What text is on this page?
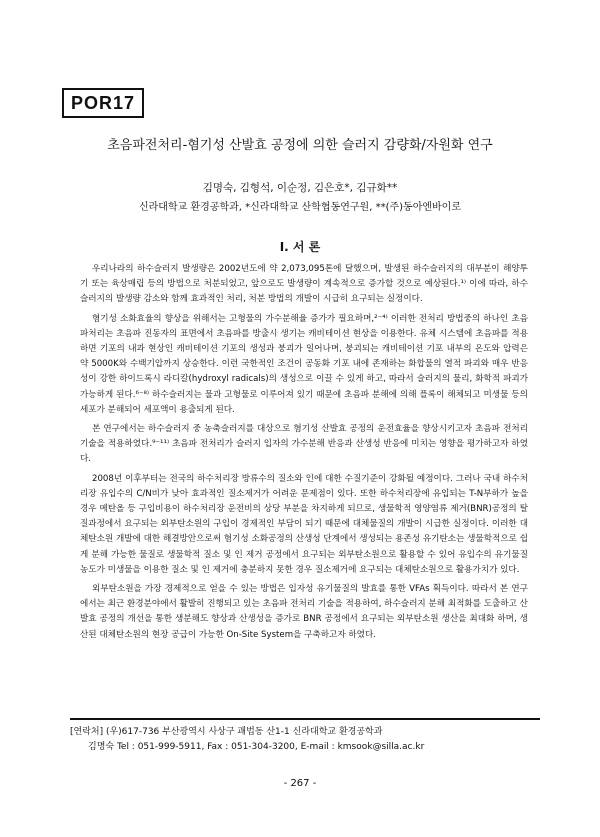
POR17
초음파전처리-혐기성 산발효 공정에 의한 슬러지 감량화/자원화 연구
김명숙, 김형석, 이순정, 김은호*, 김규화**
신라대학교 환경공학과, *신라대학교 산학협동연구원, **(주)동아엔바이로
I. 서 론

우리나라의 하수슬러지 발생량은 2002년도에 약 2,073,095톤에 달했으며, 발생된 하수슬러지의 대부분이 해양투기 또는 육상매립 등의 방법으로 처분되었고, 앞으로도 발생량이 계속적으로 증가할 것으로 예상된다.¹⁾ 이에 따라, 하수슬러지의 발생량 감소와 함께 효과적인 처리, 처분 방법의 개발이 시급히 요구되는 실정이다.

혐기성 소화효율의 향상을 위해서는 고형물의 가수분해율 증가가 필요하며,²⁻⁴⁾ 이러한 전처리 방법중의 하나인 초음파처리는 초음파 진동자의 표면에서 초음파를 방출시 생기는 캐비테이션 현상을 이용한다. 유체 시스템에 초음파를 적용하면 기포의 내과 현상인 캐비테이션 기포의 생성과 붕괴가 일어나며, 붕괴되는 캐비테이션 기포 내부의 온도와 압력은 약 5000K와 수백기압까지 상승한다. 이런 국한적인 조건이 공동화 기포 내에 존재하는 화합물의 열적 파괴와 매우 반응성이 강한 하이드록시 라디칼(hydroxyl radicals)의 생성으로 이끌 수 있게 하고, 따라서 슬러지의 물리, 화학적 파괴가 가능하게 된다.⁶⁻⁸⁾ 하수슬러지는 물과 고형물로 이루어져 있기 때문에 초음파 분해에 의해 플록이 해체되고 미생물 등의 세포가 분해되어 세포액이 용출되게 된다.

본 연구에서는 하수슬러지 중 농축슬러지를 대상으로 혐기성 산발효 공정의 운전효율을 향상시키고자 초음파 전처리 기술을 적용하였다.⁹⁻¹¹⁾ 초음파 전처리가 슬러지 입자의 가수분해 반응과 산생성 반응에 미치는 영향을 평가하고자 하였다.

2008년 이후부터는 전국의 하수처리장 방류수의 질소와 인에 대한 수질기준이 강화될 예정이다. 그러나 국내 하수처리장 유입수의 C/N비가 낮아 효과적인 질소제거가 어려운 문제점이 있다. 또한 하수처리장에 유입되는 T-N부하가 높을 경우 메탄올 등 구입비용이 하수처리장 운전비의 상당 부분을 차지하게 되므로, 생물학적 영양염류 제거(BNR)공정의 탈질과정에서 요구되는 외부탄소원의 구입이 경제적인 부담이 되기 때문에 대체물질의 개발이 시급한 실정이다. 이러한 대체탄소원 개발에 대한 해결방안으로써 혐기성 소화공정의 산생성 단계에서 생성되는 용존성 유기탄소는 생물학적으로 쉽게 분해 가능한 물질로 생물학적 질소 및 인 제거 공정에서 요구되는 외부탄소원으로 활용할 수 있어 유입수의 유기물질 농도가 미생물을 이용한 질소 및 인 제거에 충분하지 못한 경우 질소제거에 요구되는 대체탄소원으로 활용가치가 있다.

외부탄소원을 가장 경제적으로 얻을 수 있는 방법은 입자성 유기물질의 발효를 통한 VFAs 획득이다. 따라서 본 연구에서는 최근 환경분야에서 활발히 진행되고 있는 초음파 전처리 기술을 적용하여, 하수슬러지 분해 최적화를 도출하고 산발효 공정의 개선을 통한 생분해도 향상과 산생성을 증가로 BNR 공정에서 요구되는 외부탄소원 생산을 최대화 하며, 생산된 대체탄소원의 현장 공급이 가능한 On-Site System을 구축하고자 하였다.

[연락처] (우)617-736 부산광역시 사상구 괘법동 산1-1 신라대학교 환경공학과
김명숙 Tel : 051-999-5911, Fax : 051-304-3200, E-mail : kmsook@silla.ac.kr
- 267 -
